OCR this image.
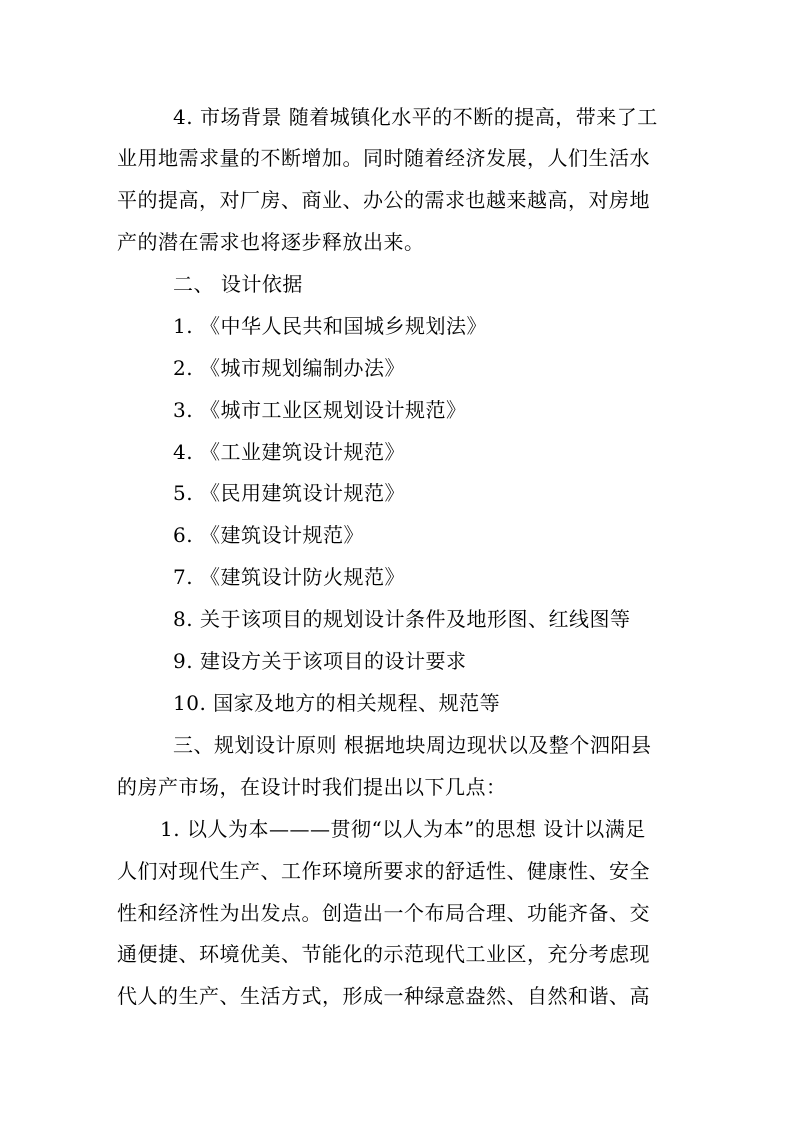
4. 市场背景 随着城镇化水平的不断的提高，带来了工
业用地需求量的不断增加。同时随着经济发展，人们生活水
平的提高，对厂房、商业、办公的需求也越来越高，对房地
产的潜在需求也将逐步释放出来。
二、 设计依据
1. 《中华人民共和国城乡规划法》
2. 《城市规划编制办法》
3. 《城市工业区规划设计规范》
4. 《工业建筑设计规范》
5. 《民用建筑设计规范》
6. 《建筑设计规范》
7. 《建筑设计防火规范》
8. 关于该项目的规划设计条件及地形图、红线图等
9. 建设方关于该项目的设计要求
10. 国家及地方的相关规程、规范等
三、规划设计原则 根据地块周边现状以及整个泗阳县
的房产市场，在设计时我们提出以下几点：
1. 以人为本———贯彻“以人为本”的思想 设计以满足
人们对现代生产、工作环境所要求的舒适性、健康性、安全
性和经济性为出发点。创造出一个布局合理、功能齐备、交
通便捷、环境优美、节能化的示范现代工业区，充分考虑现
代人的生产、生活方式，形成一种绿意盎然、自然和谐、高
